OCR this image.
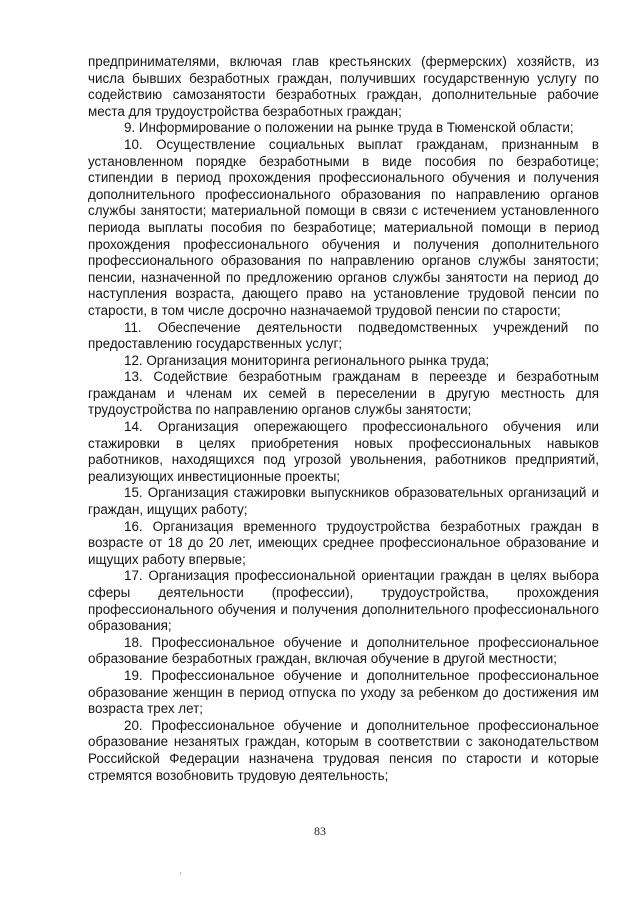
предпринимателями, включая глав крестьянских (фермерских) хозяйств, из числа бывших безработных граждан, получивших государственную услугу по содействию самозанятости безработных граждан, дополнительные рабочие места для трудоустройства безработных граждан;

9. Информирование о положении на рынке труда в Тюменской области;

10. Осуществление социальных выплат гражданам, признанным в установленном порядке безработными в виде пособия по безработице; стипендии в период прохождения профессионального обучения и получения дополнительного профессионального образования по направлению органов службы занятости; материальной помощи в связи с истечением установленного периода выплаты пособия по безработице; материальной помощи в период прохождения профессионального обучения и получения дополнительного профессионального образования по направлению органов службы занятости; пенсии, назначенной по предложению органов службы занятости на период до наступления возраста, дающего право на установление трудовой пенсии по старости, в том числе досрочно назначаемой трудовой пенсии по старости;

11. Обеспечение деятельности подведомственных учреждений по предоставлению государственных услуг;

12. Организация мониторинга регионального рынка труда;

13. Содействие безработным гражданам в переезде и безработным гражданам и членам их семей в переселении в другую местность для трудоустройства по направлению органов службы занятости;

14. Организация опережающего профессионального обучения или стажировки в целях приобретения новых профессиональных навыков работников, находящихся под угрозой увольнения, работников предприятий, реализующих инвестиционные проекты;

15. Организация стажировки выпускников образовательных организаций и граждан, ищущих работу;

16. Организация временного трудоустройства безработных граждан в возрасте от 18 до 20 лет, имеющих среднее профессиональное образование и ищущих работу впервые;

17. Организация профессиональной ориентации граждан в целях выбора сферы деятельности (профессии), трудоустройства, прохождения профессионального обучения и получения дополнительного профессионального образования;

18. Профессиональное обучение и дополнительное профессиональное образование безработных граждан, включая обучение в другой местности;

19. Профессиональное обучение и дополнительное профессиональное образование женщин в период отпуска по уходу за ребенком до достижения им возраста трех лет;

20. Профессиональное обучение и дополнительное профессиональное образование незанятых граждан, которым в соответствии с законодательством Российской Федерации назначена трудовая пенсия по старости и которые стремятся возобновить трудовую деятельность;

83
